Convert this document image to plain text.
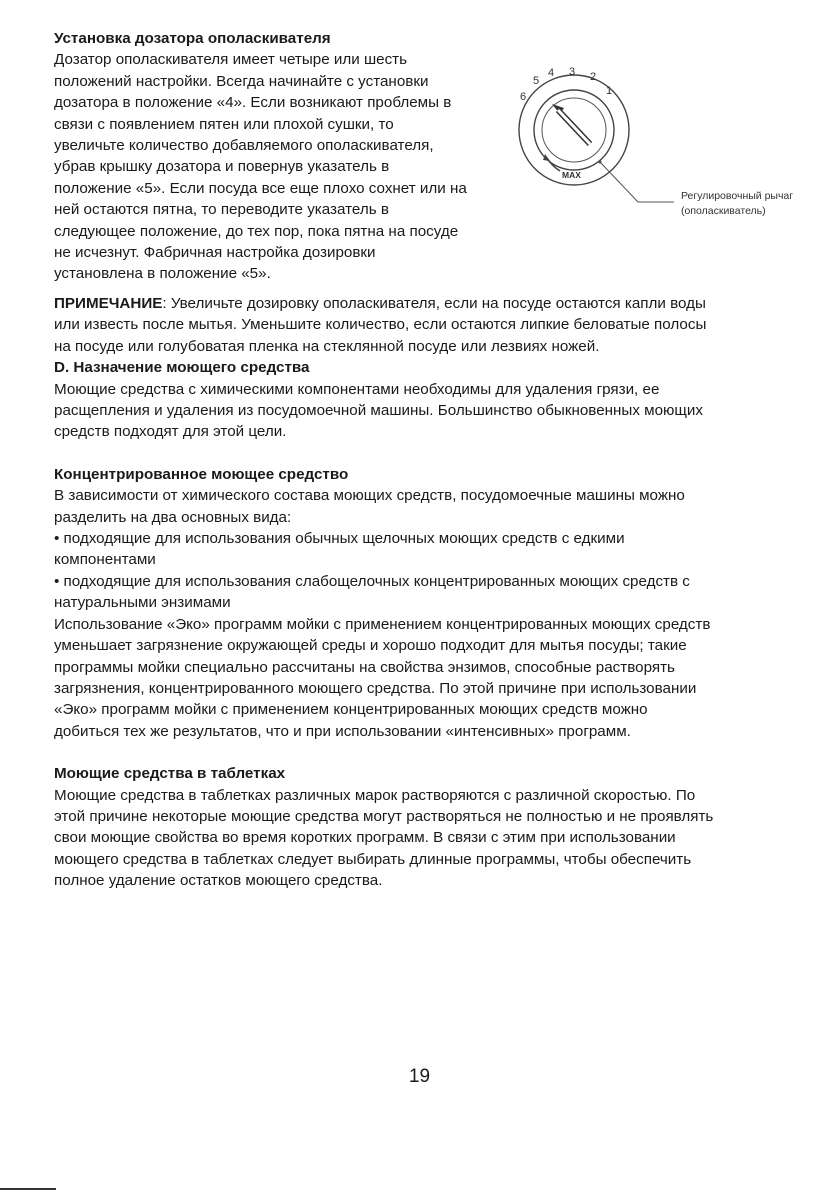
Установка дозатора ополаскивателя

Дозатор ополаскивателя имеет четыре или шесть

положений настройки. Всегда начинайте с установки

дозатора в положение «4». Если возникают проблемы в

связи с появлением пятен или плохой сушки, то

увеличьте количество добавляемого ополаскивателя,

убрав крышку дозатора и повернув указатель в

положение «5». Если посуда все еще плохо сохнет или на

ней остаются пятна, то переводите указатель в

следующее положение, до тех пор, пока пятна на посуде

не исчезнут. Фабричная настройка дозировки

установлена в положение «5».

6
5
4 3 2
1
MAX
Регулировочный рычаг
(ополаскиватель)

ПРИМЕЧАНИЕ: Увеличьте дозировку ополаскивателя, если на посуде остаются капли воды

или известь после мытья. Уменьшите количество, если остаются липкие беловатые полосы

на посуде или голубоватая пленка на стеклянной посуде или лезвиях ножей.

D. Назначение моющего средства

Моющие средства с химическими компонентами необходимы для удаления грязи, ее

расщепления и удаления из посудомоечной машины. Большинство обыкновенных моющих

средств подходят для этой цели.

Концентрированное моющее средство

В зависимости от химического состава моющих средств, посудомоечные машины можно

разделить на два основных вида:

• подходящие для использования обычных щелочных моющих средств с едкими

компонентами

• подходящие для использования слабощелочных концентрированных моющих средств с

натуральными энзимами

Использование «Эко» программ мойки с применением концентрированных моющих средств

уменьшает загрязнение окружающей среды и хорошо подходит для мытья посуды; такие

программы мойки специально рассчитаны на свойства энзимов, способные растворять

загрязнения, концентрированного моющего средства. По этой причине при использовании

«Эко» программ мойки с применением концентрированных моющих средств можно

добиться тех же результатов, что и при использовании «интенсивных» программ.

Моющие средства в таблетках

Моющие средства в таблетках различных марок растворяются с различной скоростью. По

этой причине некоторые моющие средства могут растворяться не полностью и не проявлять

свои моющие свойства во время коротких программ. В связи с этим при использовании

моющего средства в таблетках следует выбирать длинные программы, чтобы обеспечить

полное удаление остатков моющего средства.

19
